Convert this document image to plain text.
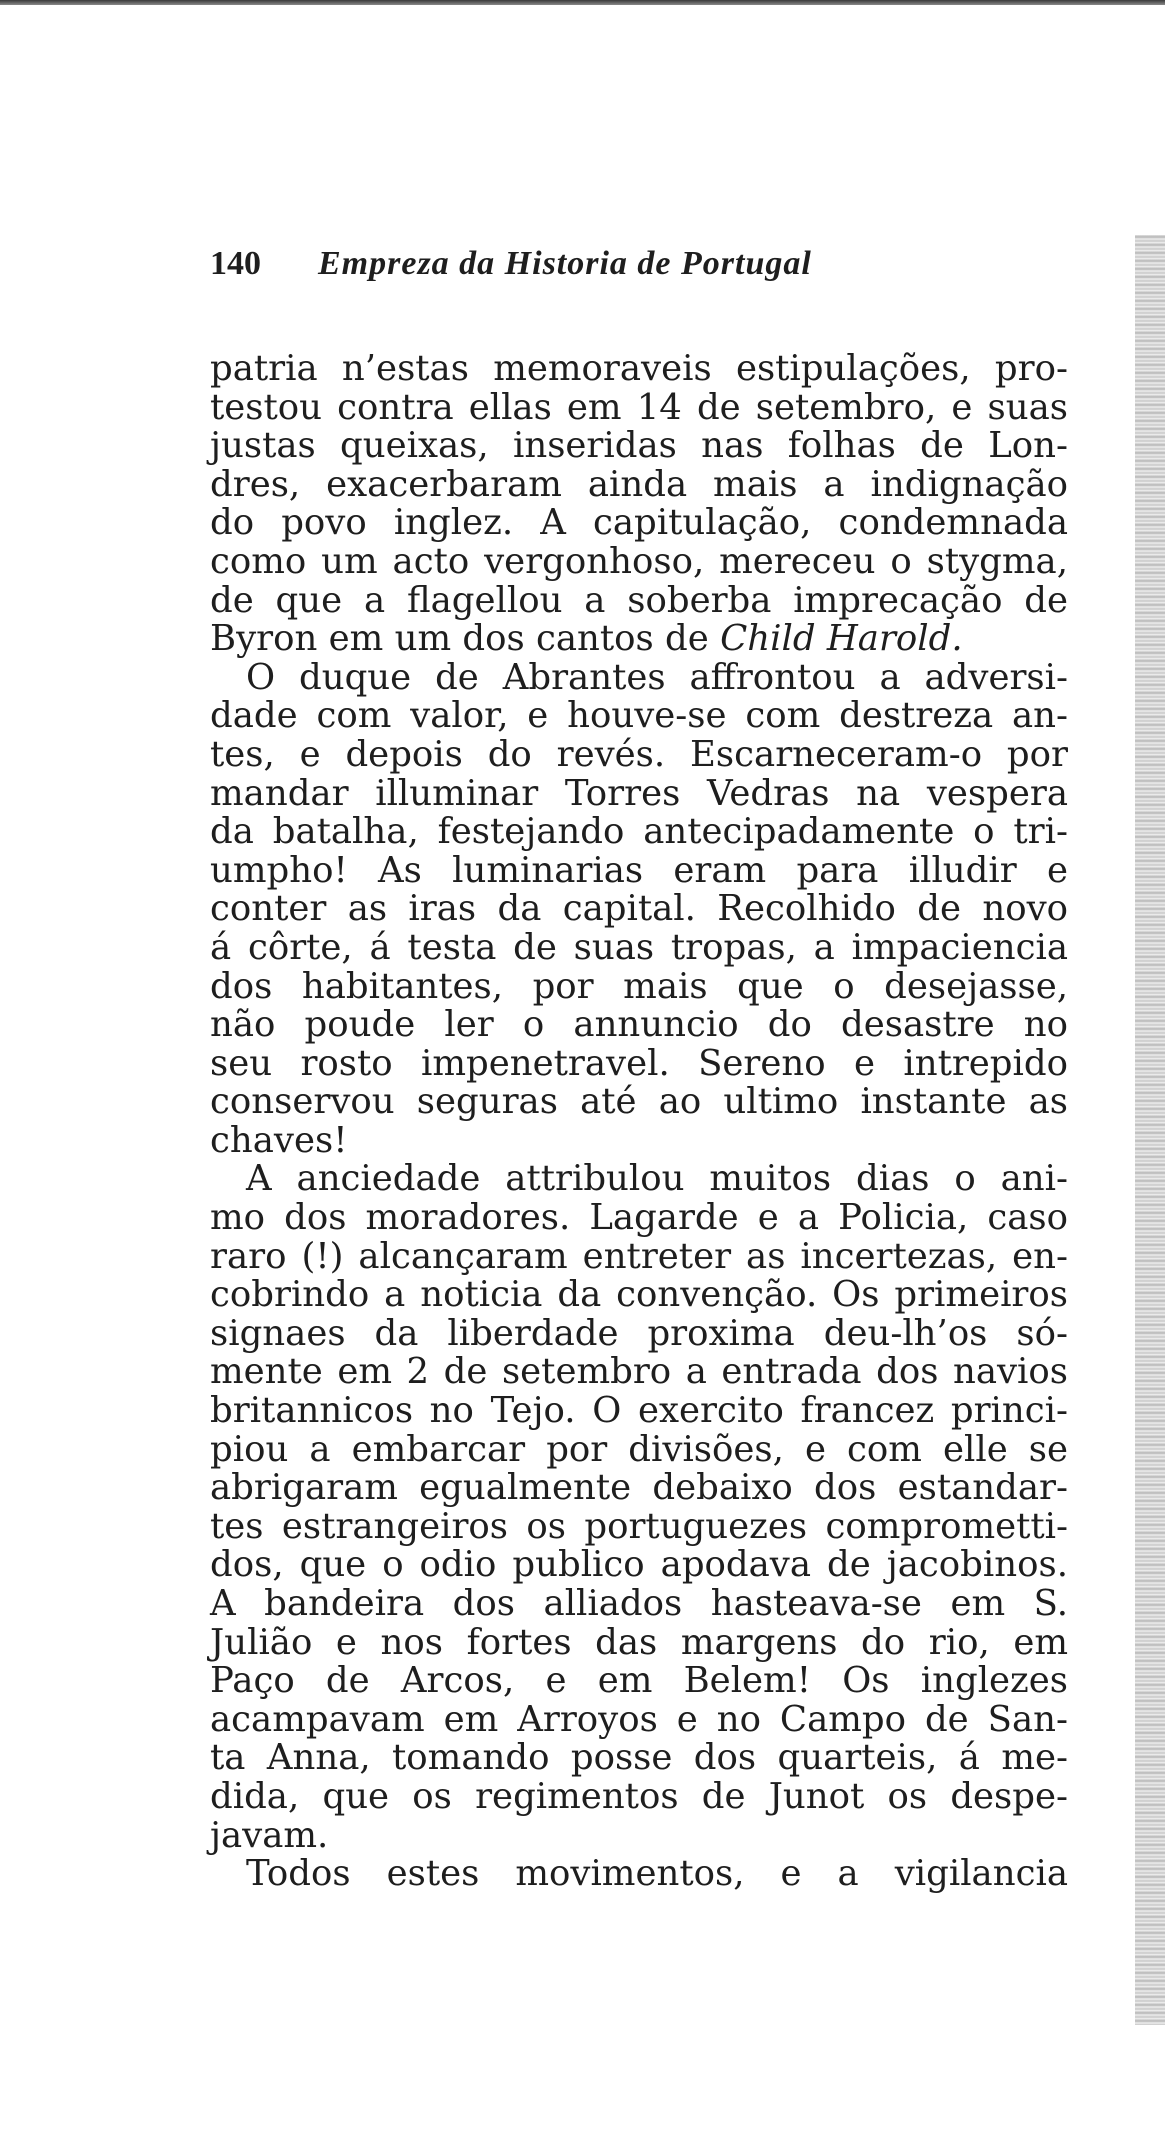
140 Empreza da Historia de Portugal
patria n’estas memoraveis estipulações, pro-
testou contra ellas em 14 de setembro, e suas
justas queixas, inseridas nas folhas de Lon-
dres, exacerbaram ainda mais a indignação
do povo inglez. A capitulação, condemnada
como um acto vergonhoso, mereceu o stygma,
de que a flagellou a soberba imprecação de
Byron em um dos cantos de Child Harold.
O duque de Abrantes affrontou a adversi-
dade com valor, e houve-se com destreza an-
tes, e depois do revés. Escarneceram-o por
mandar illuminar Torres Vedras na vespera
da batalha, festejando antecipadamente o tri-
umpho! As luminarias eram para illudir e
conter as iras da capital. Recolhido de novo
á côrte, á testa de suas tropas, a impaciencia
dos habitantes, por mais que o desejasse,
não poude ler o annuncio do desastre no
seu rosto impenetravel. Sereno e intrepido
conservou seguras até ao ultimo instante as
chaves!
A anciedade attribulou muitos dias o ani-
mo dos moradores. Lagarde e a Policia, caso
raro (!) alcançaram entreter as incertezas, en-
cobrindo a noticia da convenção. Os primeiros
signaes da liberdade proxima deu-lh’os só-
mente em 2 de setembro a entrada dos navios
britannicos no Tejo. O exercito francez princi-
piou a embarcar por divisões, e com elle se
abrigaram egualmente debaixo dos estandar-
tes estrangeiros os portuguezes compromettі-
dos, que o odio publico apodava de jacobinos.
A bandeira dos alliados hasteava-se em S.
Julião e nos fortes das margens do rio, em
Paço de Arcos, e em Belem! Os inglezes
acampavam em Arroyos e no Campo de San-
ta Anna, tomando posse dos quarteis, á me-
dida, que os regimentos de Junot os despe-
javam.
Todos estes movimentos, e a vigilancia
